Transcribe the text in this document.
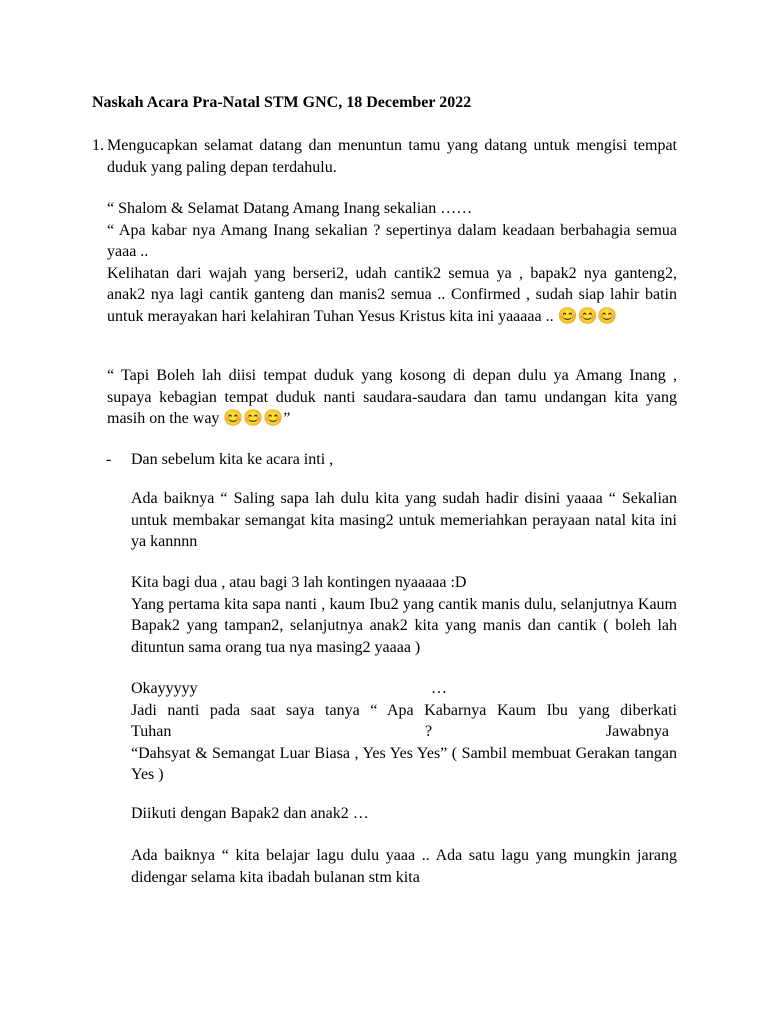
Naskah Acara Pra-Natal STM GNC, 18 December 2022
1. Mengucapkan selamat datang dan menuntun tamu yang datang untuk mengisi tempat duduk yang paling depan terdahulu.
“ Shalom & Selamat Datang Amang Inang sekalian ……
“ Apa kabar nya Amang Inang sekalian ? sepertinya dalam keadaan berbahagia semua yaaa ..
Kelihatan dari wajah yang berseri2, udah cantik2 semua ya , bapak2 nya ganteng2, anak2 nya lagi cantik ganteng dan manis2 semua .. Confirmed , sudah siap lahir batin untuk merayakan hari kelahiran Tuhan Yesus Kristus kita ini yaaaaa .. 😊😊😊
“ Tapi Boleh lah diisi tempat duduk yang kosong di depan dulu ya Amang Inang , supaya kebagian tempat duduk nanti saudara-saudara dan tamu undangan kita yang masih on the way 😊😊😊”
- Dan sebelum kita ke acara inti ,
Ada baiknya “ Saling sapa lah dulu kita yang sudah hadir disini yaaaa “ Sekalian untuk membakar semangat kita masing2 untuk memeriahkan perayaan natal kita ini ya kannnn
Kita bagi dua , atau bagi 3 lah kontingen nyaaaaa :D
Yang pertama kita sapa nanti , kaum Ibu2 yang cantik manis dulu, selanjutnya Kaum Bapak2 yang tampan2, selanjutnya anak2 kita yang manis dan cantik ( boleh lah dituntun sama orang tua nya masing2 yaaaa )
Okayyyyy	…
Jadi nanti pada saat saya tanya “ Apa Kabarnya Kaum Ibu yang diberkati
Tuhan	?	Jawabnya
“Dahsyat & Semangat Luar Biasa , Yes Yes Yes” ( Sambil membuat Gerakan tangan Yes )
Diikuti dengan Bapak2 dan anak2 …
Ada baiknya “ kita belajar lagu dulu yaaa .. Ada satu lagu yang mungkin jarang didengar selama kita ibadah bulanan stm kita
